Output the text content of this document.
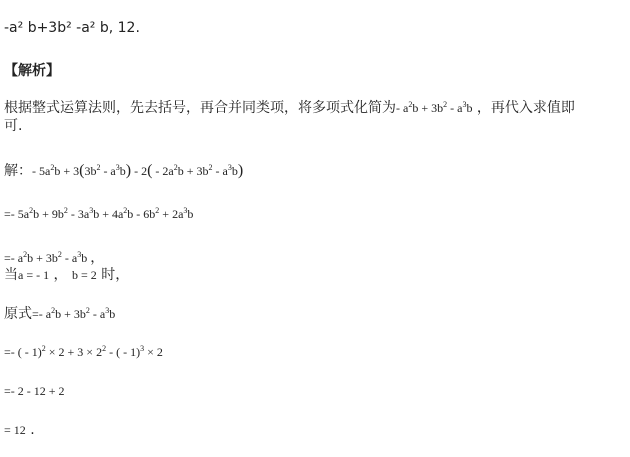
-a² b+3b² -a² b, 12.
【解析】
根据整式运算法则，先去括号，再合并同类项，将多项式化简为- $a^2b + 3b^2 - a^3b$ ，再代入求值即
可.
解：- $5a^2b + 3(3b^2 - a^3b) - 2( - 2a^2b + 3b^2 - a^3b)$
=- $5a^2b + 9b^2 - 3a^3b + 4a^2b - 6b^2 + 2a^3b$
=- $a^2b + 3b^2 - a^3b$ ，
当a = - 1 ， b = 2 时，
原式=- $a^2b + 3b^2 - a^3b$
=- ( - $1)^2 \times 2 + 3 \times 2^2$ - ( - 1)$^3$ × 2
=- 2 - 12 + 2
= 12 .
